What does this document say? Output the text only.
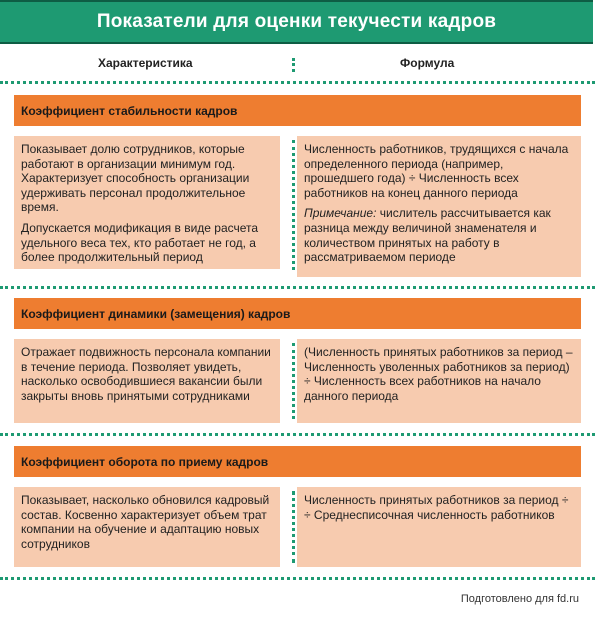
Показатели для оценки текучести кадров
Характеристика	Формула
Коэффициент стабильности кадров

Показывает долю сотрудников, которые работают в организации минимум год. Характеризует способность организации удерживать персонал продолжительное время.

Допускается модификация в виде расчета удельного веса тех, кто работает не год, а более продолжительный период

Численность работников, трудящихся с начала определенного периода (например, прошедшего года) ÷ Численность всех работников на конец данного периода

Примечание: числитель рассчитывается как разница между величиной знаменателя и количеством принятых на работу в рассматриваемом периоде

Коэффициент динамики (замещения) кадров

Отражает подвижность персонала компании в течение периода. Позволяет увидеть, насколько освободившиеся вакансии были закрыты вновь принятыми сотрудниками

(Численность принятых работников за период – Численность уволенных работников за период) ÷ Численность всех работников на начало данного периода

Коэффициент оборота по приему кадров

Показывает, насколько обновился кадровый состав. Косвенно характеризует объем трат компании на обучение и адаптацию новых сотрудников

Численность принятых работников за период ÷ ÷ Среднесписочная численность работников

Подготовлено для fd.ru
